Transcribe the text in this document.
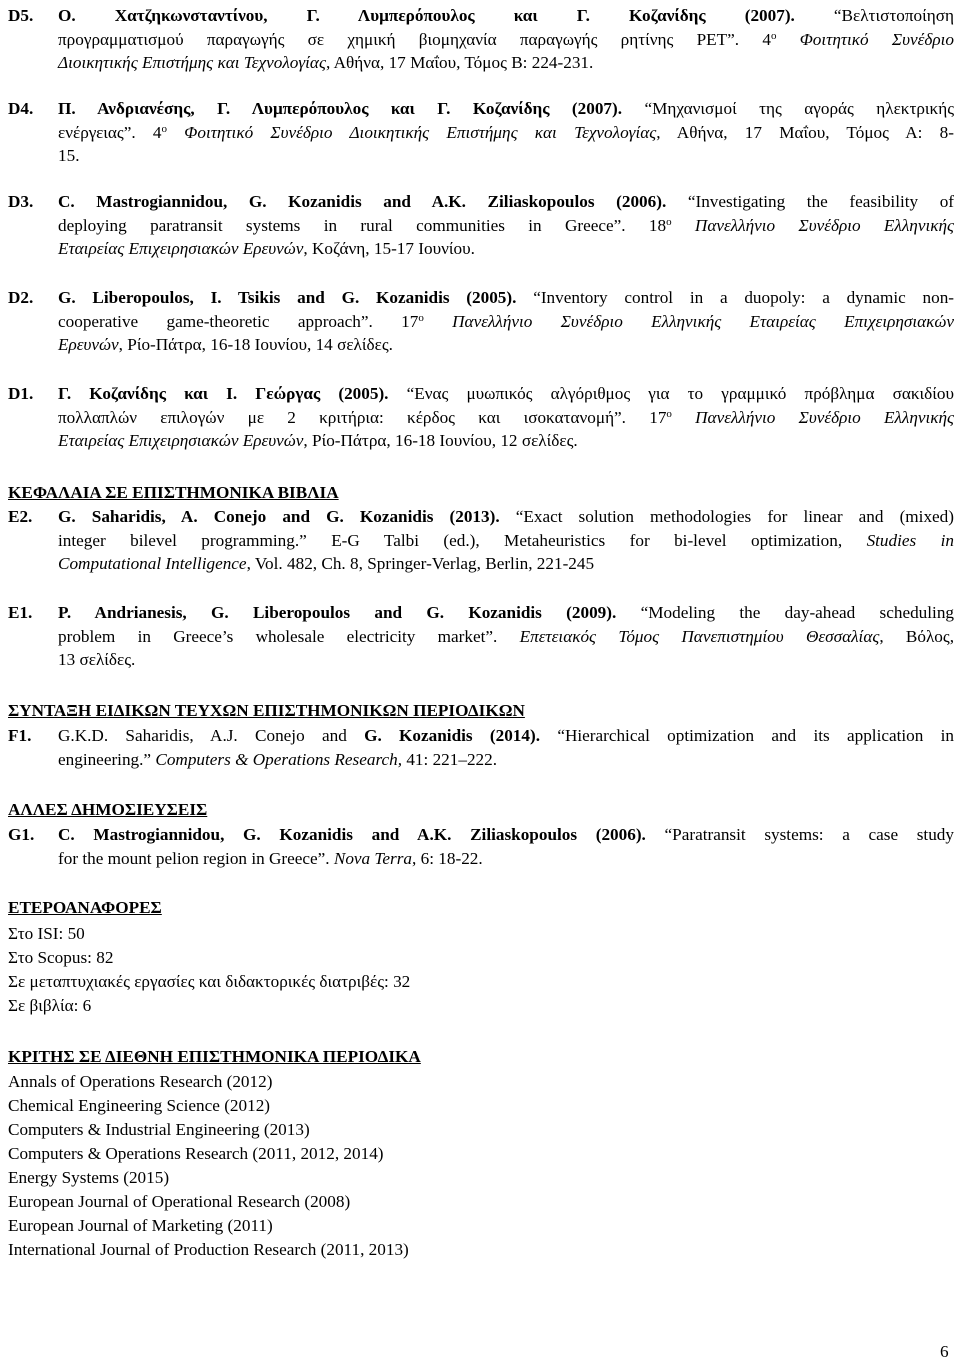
D5. Ο. Χατζηκωνσταντίνου, Γ. Λυμπερόπουλος και Γ. Κοζανίδης (2007). “Βελτιστοποίηση
προγραμματισμού παραγωγής σε χημική βιομηχανία παραγωγής ρητίνης PET”. $4^o$ Φοιτητικό Συνέδριο
Διοικητικής Επιστήμης και Τεχνολογίας, Αθήνα, 17 Μαΐου, Τόμος Β: 224-231.
D4. Π. Ανδριανέσης, Γ. Λυμπερόπουλος και Γ. Κοζανίδης (2007). “Μηχανισμοί της αγοράς ηλεκτρικής
ενέργειας”. $4^o$ Φοιτητικό Συνέδριο Διοικητικής Επιστήμης και Τεχνολογίας, Αθήνα, 17 Μαΐου, Τόμος Α: 8-
15.
D3. C. Mastrogiannidou, G. Kozanidis and A.K. Ziliaskopoulos (2006). “Investigating the feasibility of
deploying paratransit systems in rural communities in Greece”. $18^o$ Πανελλήνιο Συνέδριο Ελληνικής
Εταιρείας Επιχειρησιακών Ερευνών, Κοζάνη, 15-17 Ιουνίου.
D2. G. Liberopoulos, I. Tsikis and G. Kozanidis (2005). “Inventory control in a duopoly: a dynamic non-
cooperative game-theoretic approach”. $17^o$ Πανελλήνιο Συνέδριο Ελληνικής Εταιρείας Επιχειρησιακών
Ερευνών, Ρίο-Πάτρα, 16-18 Ιουνίου, 14 σελίδες.
D1. Γ. Κοζανίδης και Ι. Γεώργας (2005). “Ενας μυωπικός αλγόριθμος για το γραμμικό πρόβλημα σακιδίου
πολλαπλών επιλογών με 2 κριτήρια: κέρδος και ισοκατανομή”. $17^o$ Πανελλήνιο Συνέδριο Ελληνικής
Εταιρείας Επιχειρησιακών Ερευνών, Ρίο-Πάτρα, 16-18 Ιουνίου, 12 σελίδες.
ΚΕΦΑΛΑΙΑ ΣΕ ΕΠΙΣΤΗΜΟΝΙΚΑ ΒΙΒΛΙΑ
E2. G. Saharidis, A. Conejo and G. Kozanidis (2013). “Exact solution methodologies for linear and (mixed)
integer bilevel programming.” E-G Talbi (ed.), Metaheuristics for bi-level optimization, Studies in
Computational Intelligence, Vol. 482, Ch. 8, Springer-Verlag, Berlin, 221-245
E1. P. Andrianesis, G. Liberopoulos and G. Kozanidis (2009). “Modeling the day-ahead scheduling
problem in Greece’s wholesale electricity market”. Επετειακός Τόμος Πανεπιστημίου Θεσσαλίας, Βόλος,
13 σελίδες.
ΣΥΝΤΑΞΗ ΕΙΔΙΚΩΝ ΤΕΥΧΩΝ ΕΠΙΣΤΗΜΟΝΙΚΩΝ ΠΕΡΙΟΔΙΚΩΝ
F1. G.K.D. Saharidis, A.J. Conejo and G. Kozanidis (2014). “Hierarchical optimization and its application in
engineering.” Computers & Operations Research, 41: 221–222.
ΑΛΛΕΣ ΔΗΜΟΣΙΕΥΣΕΙΣ
G1. C. Mastrogiannidou, G. Kozanidis and A.K. Ziliaskopoulos (2006). “Paratransit systems: a case study
for the mount pelion region in Greece”. Nova Terra, 6: 18-22.
ΕΤΕΡΟΑΝΑΦΟΡΕΣ
Στο ISI: 50
Στο Scopus: 82
Σε μεταπτυχιακές εργασίες και διδακτορικές διατριβές: 32
Σε βιβλία: 6
ΚΡΙΤΗΣ ΣΕ ΔΙΕΘΝΗ ΕΠΙΣΤΗΜΟΝΙΚΑ ΠΕΡΙΟΔΙΚΑ
Annals of Operations Research (2012)
Chemical Engineering Science (2012)
Computers & Industrial Engineering (2013)
Computers & Operations Research (2011, 2012, 2014)
Energy Systems (2015)
European Journal of Operational Research (2008)
European Journal of Marketing (2011)
International Journal of Production Research (2011, 2013)
6
